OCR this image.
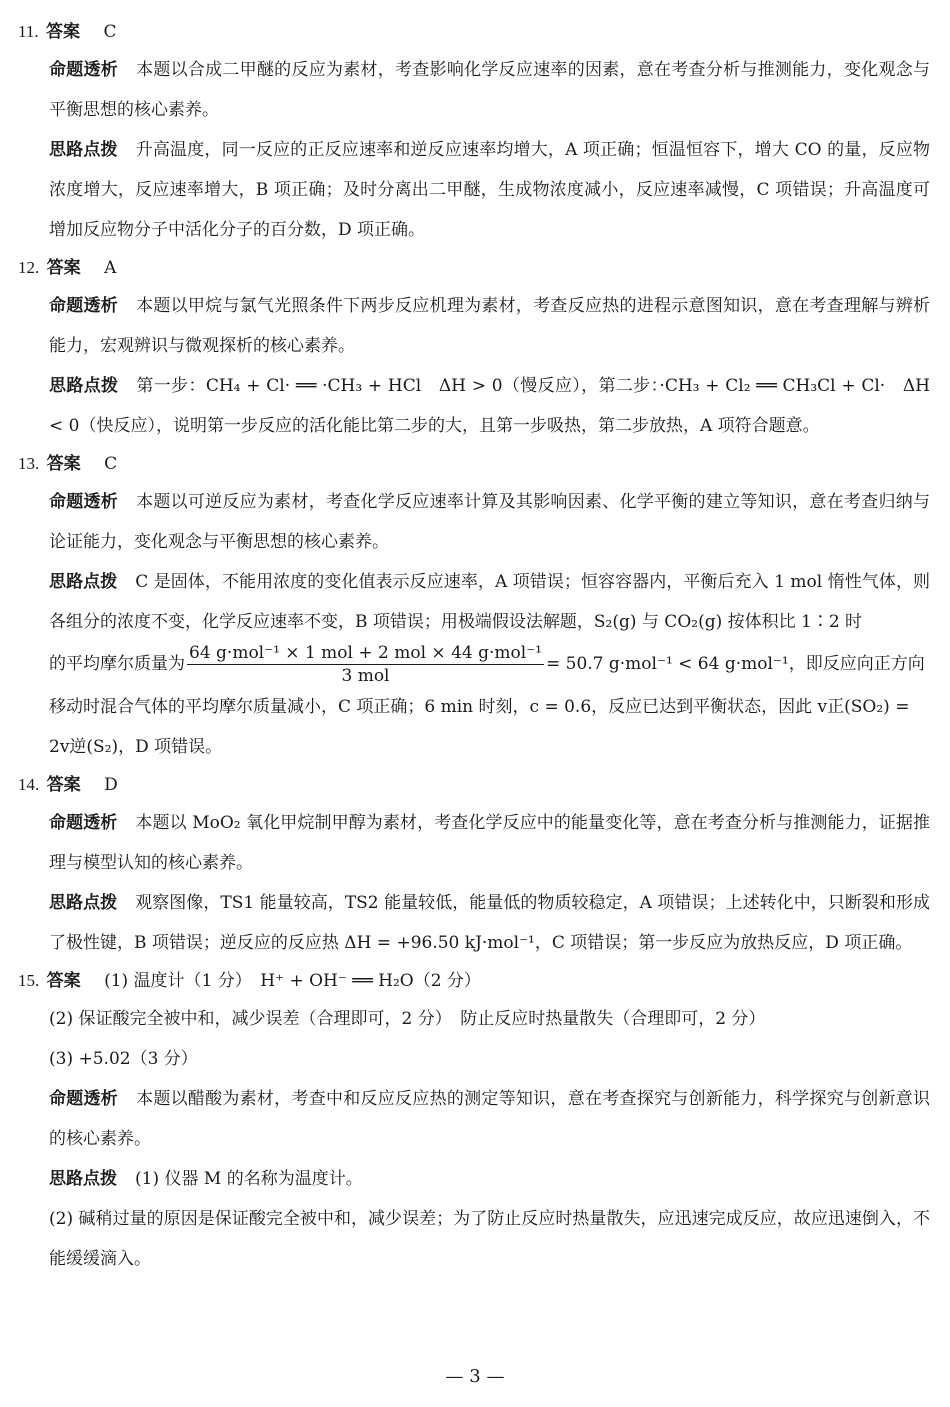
11. 答案 C
命题透析 本题以合成二甲醚的反应为素材，考查影响化学反应速率的因素，意在考查分析与推测能力，变化观念与平衡思想的核心素养。
思路点拨 升高温度，同一反应的正反应速率和逆反应速率均增大，A 项正确；恒温恒容下，增大 CO 的量，反应物浓度增大，反应速率增大，B 项正确；及时分离出二甲醚，生成物浓度减小，反应速率减慢，C 项错误；升高温度可增加反应物分子中活化分子的百分数，D 项正确。
12. 答案 A
命题透析 本题以甲烷与氯气光照条件下两步反应机理为素材，考查反应热的进程示意图知识，意在考查理解与辨析能力，宏观辨识与微观探析的核心素养。
思路点拨 第一步：CH₄ + Cl· ══ ·CH₃ + HCl　ΔH > 0（慢反应），第二步：·CH₃ + Cl₂ ══ CH₃Cl + Cl·　ΔH < 0（快反应），说明第一步反应的活化能比第二步的大，且第一步吸热，第二步放热，A 项符合题意。
13. 答案 C
命题透析 本题以可逆反应为素材，考查化学反应速率计算及其影响因素、化学平衡的建立等知识，意在考查归纳与论证能力，变化观念与平衡思想的核心素养。
思路点拨 C 是固体，不能用浓度的变化值表示反应速率，A 项错误；恒容容器内，平衡后充入 1 mol 惰性气体，则各组分的浓度不变，化学反应速率不变，B 项错误；用极端假设法解题，S₂(g) 与 CO₂(g) 按体积比 1∶2 时
的平均摩尔质量为 $\frac{\text{64 g·mol⁻¹ × 1 mol + 2 mol × 44 g·mol⁻¹}}{\text{3 mol}} = 50.7$ g·mol⁻¹ < 64 g·mol⁻¹，即反应向正方向
移动时混合气体的平均摩尔质量减小，C 项正确；6 min 时刻，c = 0.6，反应已达到平衡状态，因此 v正(SO₂) =
2v逆(S₂)，D 项错误。
14. 答案 D
命题透析 本题以 MoO₂ 氧化甲烷制甲醇为素材，考查化学反应中的能量变化等，意在考查分析与推测能力，证据推理与模型认知的核心素养。
思路点拨 观察图像，TS1 能量较高，TS2 能量较低，能量低的物质较稳定，A 项错误；上述转化中，只断裂和形成了极性键，B 项错误；逆反应的反应热 ΔH = +96.50 kJ·mol⁻¹，C 项错误；第一步反应为放热反应，D 项正确。
15. 答案 (1) 温度计（1 分）　H⁺ + OH⁻ ══ H₂O（2 分）
(2) 保证酸完全被中和，减少误差（合理即可，2 分）　防止反应时热量散失（合理即可，2 分）
(3) +5.02（3 分）
命题透析 本题以醋酸为素材，考查中和反应反应热的测定等知识，意在考查探究与创新能力，科学探究与创新意识的核心素养。
思路点拨 (1) 仪器 M 的名称为温度计。
(2) 碱稍过量的原因是保证酸完全被中和，减少误差；为了防止反应时热量散失，应迅速完成反应，故应迅速倒入，不能缓缓滴入。
— 3 —
